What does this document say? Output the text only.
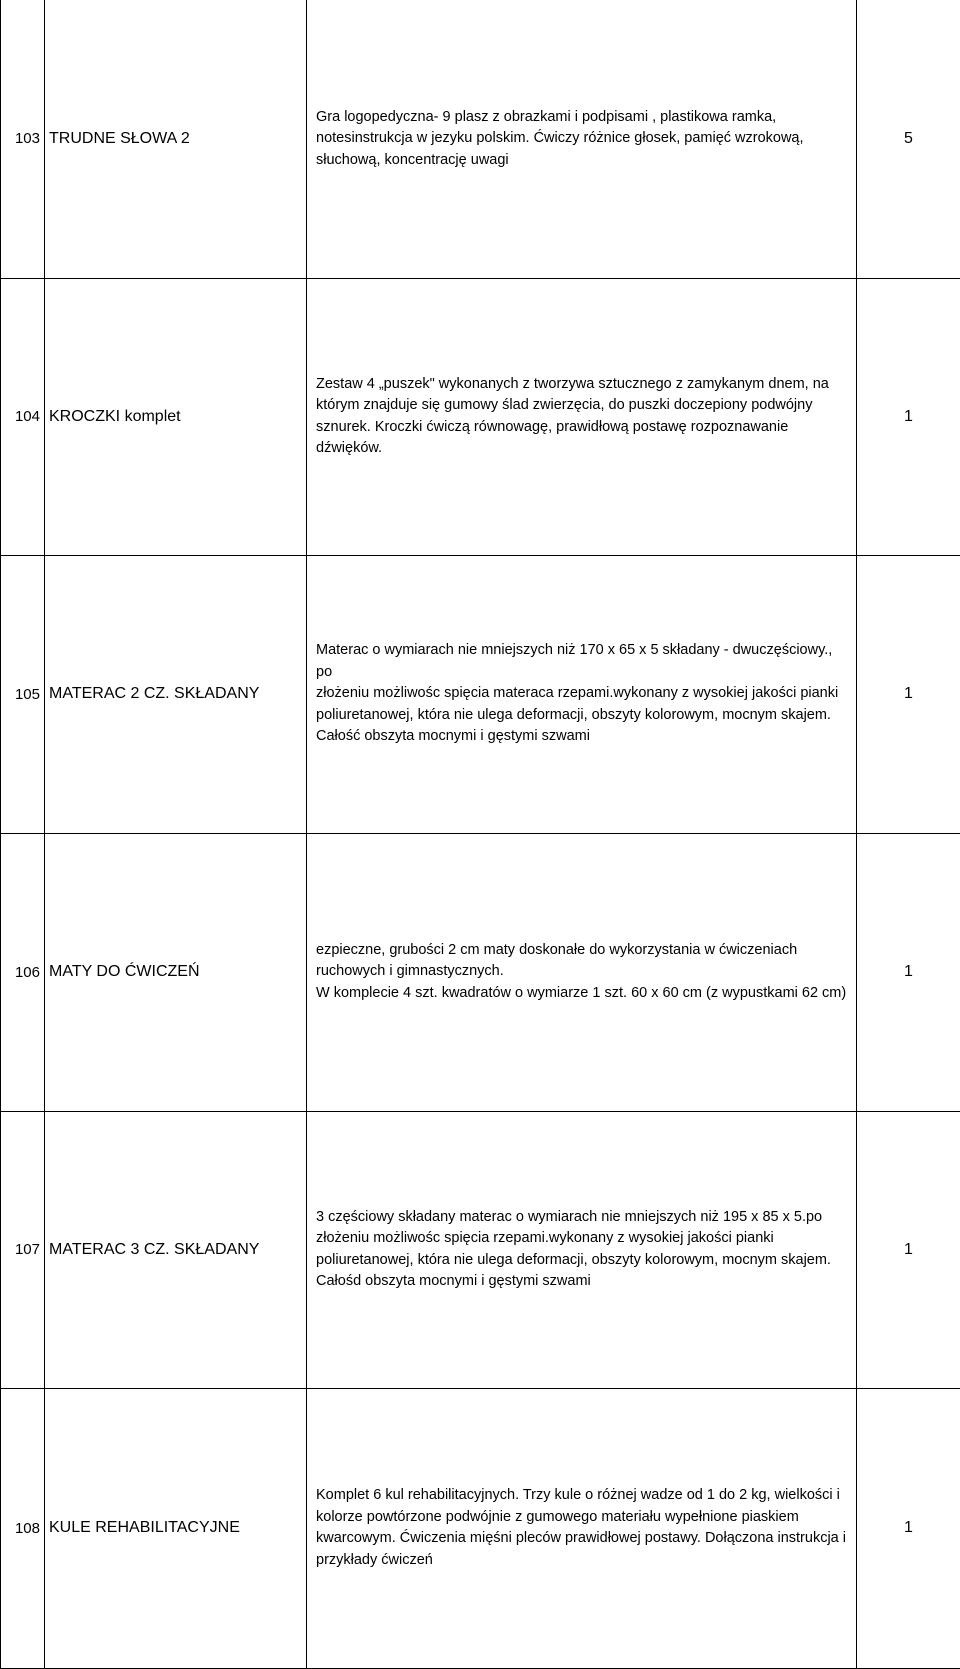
103	TRUDNE SŁOWA 2	Gra logopedyczna- 9 plasz z obrazkami i podpisami , plastikowa ramka,
notesinstrukcja w jezyku polskim. Ćwiczy różnice głosek, pamięć wzrokową,
słuchową, koncentrację uwagi	5
104	KROCZKI komplet	Zestaw 4 „puszek" wykonanych z tworzywa sztucznego z zamykanym dnem, na
którym znajduje się gumowy ślad zwierzęcia, do puszki doczepiony podwójny
sznurek. Kroczki ćwiczą równowagę, prawidłową postawę rozpoznawanie
dźwięków.	1
105	MATERAC 2 CZ. SKŁADANY	Materac o wymiarach nie mniejszych niż 170 x 65 x 5 składany - dwuczęściowy., po
złożeniu możliwośc spięcia materaca rzepami.wykonany z wysokiej jakości pianki
poliuretanowej, która nie ulega deformacji, obszyty kolorowym, mocnym skajem.
Całość obszyta mocnymi i gęstymi szwami	1
106	MATY DO ĆWICZEŃ	ezpieczne, grubości 2 cm maty doskonałe do wykorzystania w ćwiczeniach
ruchowych i gimnastycznych.
W komplecie 4 szt. kwadratów o wymiarze 1 szt. 60 x 60 cm (z wypustkami 62 cm)	1
107	MATERAC 3 CZ. SKŁADANY	3 częściowy składany materac o wymiarach nie mniejszych niż 195 x 85 x 5.po
złożeniu możliwośc spięcia rzepami.wykonany z wysokiej jakości pianki
poliuretanowej, która nie ulega deformacji, obszyty kolorowym, mocnym skajem.
Całośd obszyta mocnymi i gęstymi szwami	1
108	KULE REHABILITACYJNE	Komplet 6 kul rehabilitacyjnych. Trzy kule o różnej wadze od 1 do 2 kg, wielkości i
kolorze powtórzone podwójnie z gumowego materiału wypełnione piaskiem
kwarcowym. Ćwiczenia mięśni pleców prawidłowej postawy. Dołączona instrukcja i
przykłady ćwiczeń	1
